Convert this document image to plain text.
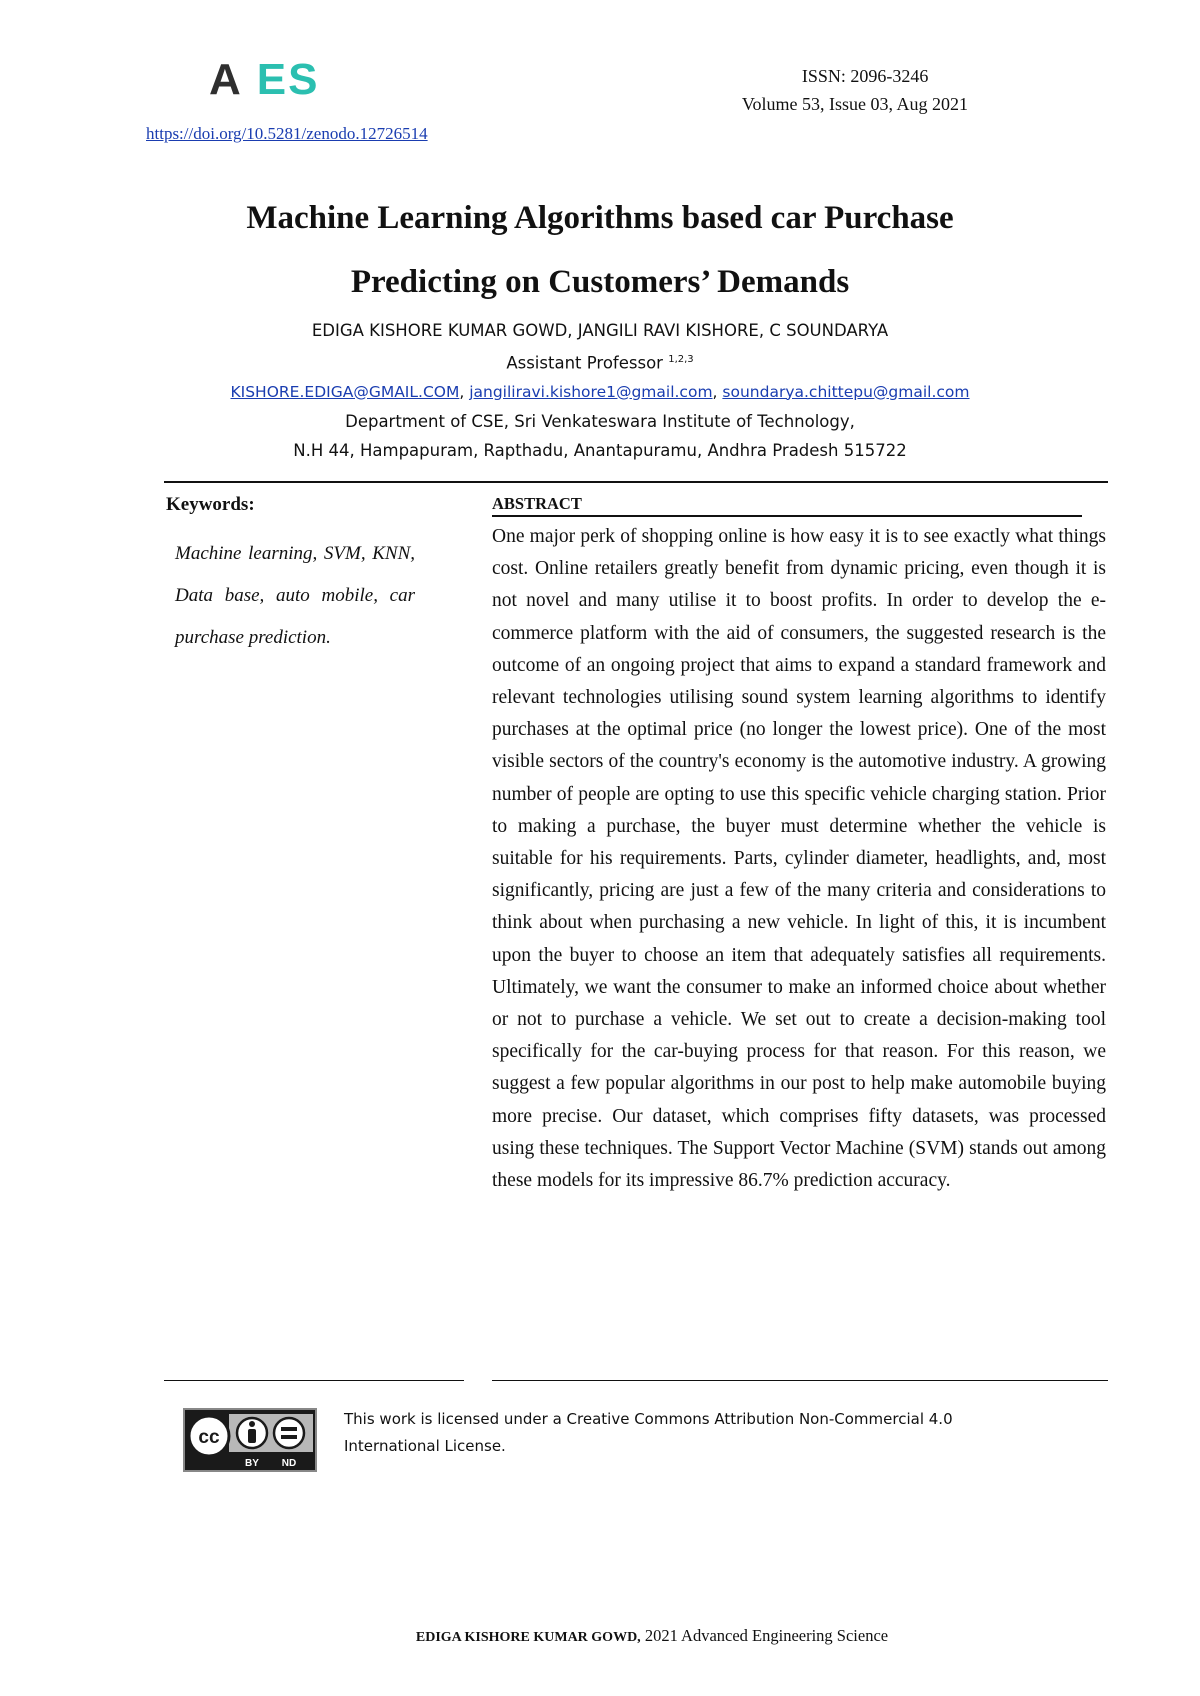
A ES
https://doi.org/10.5281/zenodo.12726514
ISSN: 2096-3246
Volume 53, Issue 03, Aug 2021
Machine Learning Algorithms based car Purchase
Predicting on Customers’ Demands
EDIGA KISHORE KUMAR GOWD, JANGILI RAVI KISHORE, C SOUNDARYA
Assistant Professor $^{1,2,3}$
KISHORE.EDIGA@GMAIL.COM, jangiliravi.kishore1@gmail.com, soundarya.chittepu@gmail.com
Department of CSE, Sri Venkateswara Institute of Technology,
N.H 44, Hampapuram, Rapthadu, Anantapuramu, Andhra Pradesh 515722
Keywords:
Machine learning, SVM, KNN, Data base, auto mobile, car purchase prediction.
ABSTRACT
One major perk of shopping online is how easy it is to see exactly what things cost. Online retailers greatly benefit from dynamic pricing, even though it is not novel and many utilise it to boost profits. In order to develop the e-commerce platform with the aid of consumers, the suggested research is the outcome of an ongoing project that aims to expand a standard framework and relevant technologies utilising sound system learning algorithms to identify purchases at the optimal price (no longer the lowest price). One of the most visible sectors of the country's economy is the automotive industry. A growing number of people are opting to use this specific vehicle charging station. Prior to making a purchase, the buyer must determine whether the vehicle is suitable for his requirements. Parts, cylinder diameter, headlights, and, most significantly, pricing are just a few of the many criteria and considerations to think about when purchasing a new vehicle. In light of this, it is incumbent upon the buyer to choose an item that adequately satisfies all requirements. Ultimately, we want the consumer to make an informed choice about whether or not to purchase a vehicle. We set out to create a decision-making tool specifically for the car-buying process for that reason. For this reason, we suggest a few popular algorithms in our post to help make automobile buying more precise. Our dataset, which comprises fifty datasets, was processed using these techniques. The Support Vector Machine (SVM) stands out among these models for its impressive 86.7% prediction accuracy.
cc
BY ND
This work is licensed under a Creative Commons Attribution Non-Commercial 4.0
International License.
EDIGA KISHORE KUMAR GOWD, 2021 Advanced Engineering Science
